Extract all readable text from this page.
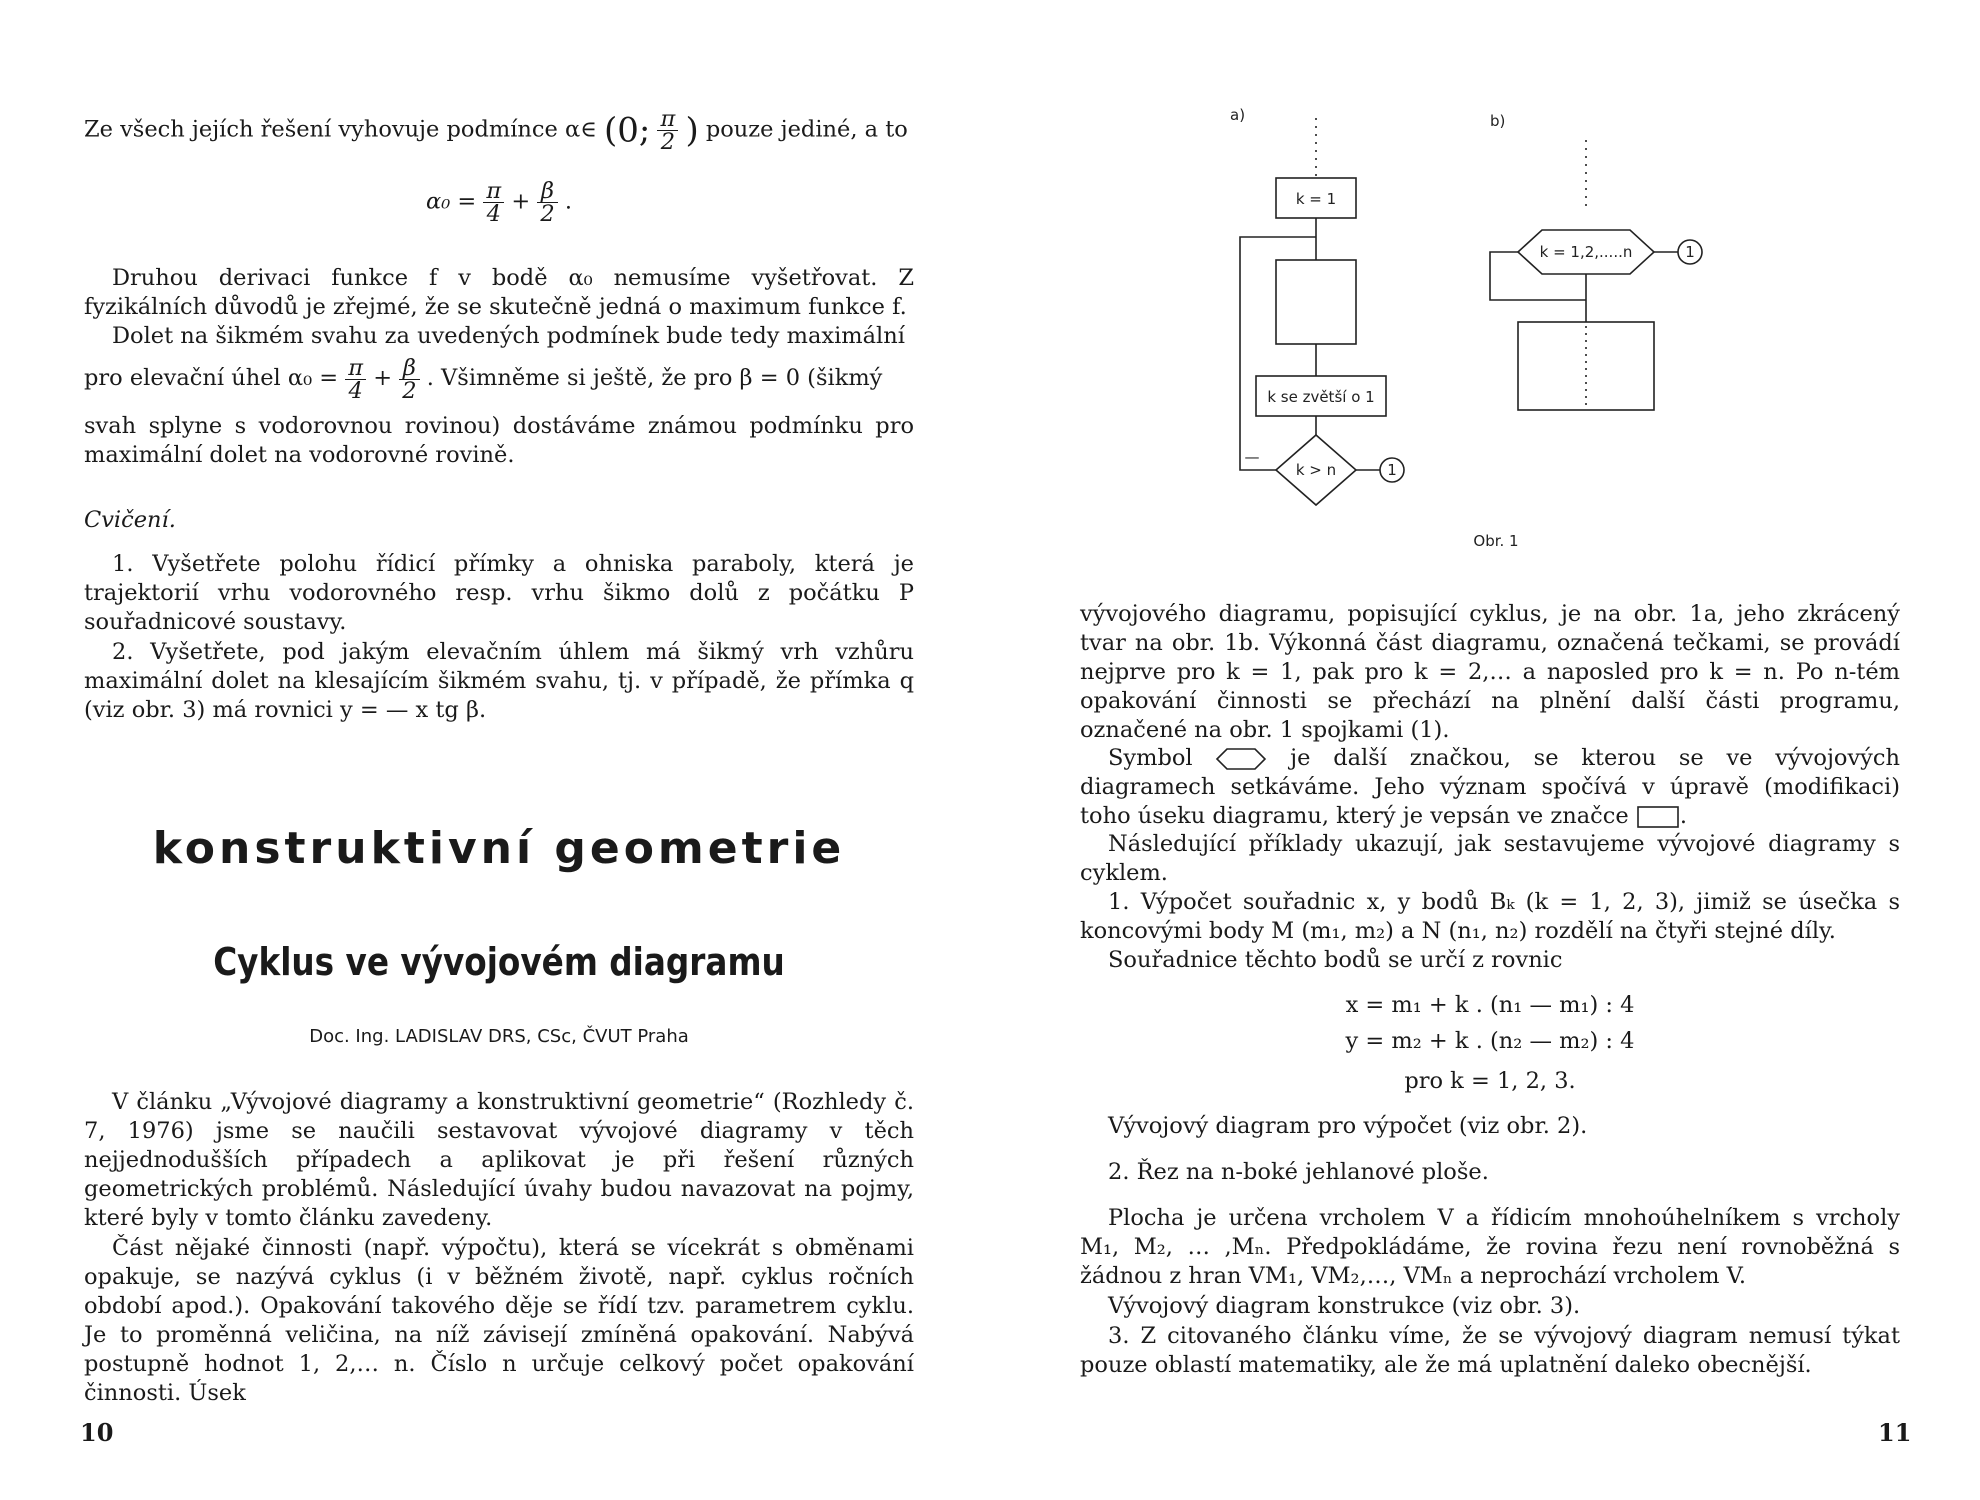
Ze všech jejích řešení vyhovuje podmínce α∈ (0; $\frac{\pi}{2}$ ) pouze jediné, a to
$\alpha_0 = \frac{\pi}{4} + \frac{\beta}{2}$ .

Druhou derivaci funkce f v bodě α₀ nemusíme vyšetřovat. Z fyzikálních důvodů je zřejmé, že se skutečně jedná o maximum funkce f.

Dolet na šikmém svahu za uvedených podmínek bude tedy maximální

pro elevační úhel $\alpha_0 = \frac{\pi}{4} + \frac{\beta}{2}$ . Všimněme si ještě, že pro β = 0 (šikmý

svah splyne s vodorovnou rovinou) dostáváme známou podmínku pro maximální dolet na vodorovné rovině.

Cvičení.

1. Vyšetřete polohu řídicí přímky a ohniska paraboly, která je trajektorií vrhu vodorovného resp. vrhu šikmo dolů z počátku P souřadnicové soustavy.

2. Vyšetřete, pod jakým elevačním úhlem má šikmý vrh vzhůru maximální dolet na klesajícím šikmém svahu, tj. v případě, že přímka q (viz obr. 3) má rovnici y = — x tg β.

konstruktivní geometrie
Cyklus ve vývojovém diagramu
Doc. Ing. LADISLAV DRS, CSc, ČVUT Praha

V článku „Vývojové diagramy a konstruktivní geometrie“ (Rozhledy č. 7, 1976) jsme se naučili sestavovat vývojové diagramy v těch nejjednodušších případech a aplikovat je při řešení různých geometrických problémů. Následující úvahy budou navazovat na pojmy, které byly v tomto článku zavedeny.

Část nějaké činnosti (např. výpočtu), která se vícekrát s obměnami opakuje, se nazývá cyklus (i v běžném životě, např. cyklus ročních období apod.). Opakování takového děje se řídí tzv. parametrem cyklu. Je to proměnná veličina, na níž závisejí zmíněná opakování. Nabývá postupně hodnot 1, 2,… n. Číslo n určuje celkový počet opakování činnosti. Úsek

10
a)	b)
k = 1
k se zvětší o 1
k > n	1
—
k = 1,2,.....n	1
Obr. 1

vývojového diagramu, popisující cyklus, je na obr. 1a, jeho zkrácený tvar na obr. 1b. Výkonná část diagramu, označená tečkami, se provádí nejprve pro k = 1, pak pro k = 2,… a naposled pro k = n. Po n-tém opakování činnosti se přechází na plnění další části programu, označené na obr. 1 spojkami (1).

Symbol	je další značkou, se kterou se ve vývojových diagramech setkáváme. Jeho význam spočívá v úpravě (modifikaci) toho úseku diagramu, který je vepsán ve značce .

Následující příklady ukazují, jak sestavujeme vývojové diagramy s cyklem.

1. Výpočet souřadnic x, y bodů Bₖ (k = 1, 2, 3), jimiž se úsečka s koncovými body M (m₁, m₂) a N (n₁, n₂) rozdělí na čtyři stejné díly.

Souřadnice těchto bodů se určí z rovnic

x = m₁ + k . (n₁ — m₁) : 4
y = m₂ + k . (n₂ — m₂) : 4
pro k = 1, 2, 3.

Vývojový diagram pro výpočet (viz obr. 2).

2. Řez na n-boké jehlanové ploše.

Plocha je určena vrcholem V a řídicím mnohoúhelníkem s vrcholy M₁, M₂, … ,Mₙ. Předpokládáme, že rovina řezu není rovnoběžná s žádnou z hran VM₁, VM₂,…, VMₙ a neprochází vrcholem V.

Vývojový diagram konstrukce (viz obr. 3).

3. Z citovaného článku víme, že se vývojový diagram nemusí týkat pouze oblastí matematiky, ale že má uplatnění daleko obecnější.

11
